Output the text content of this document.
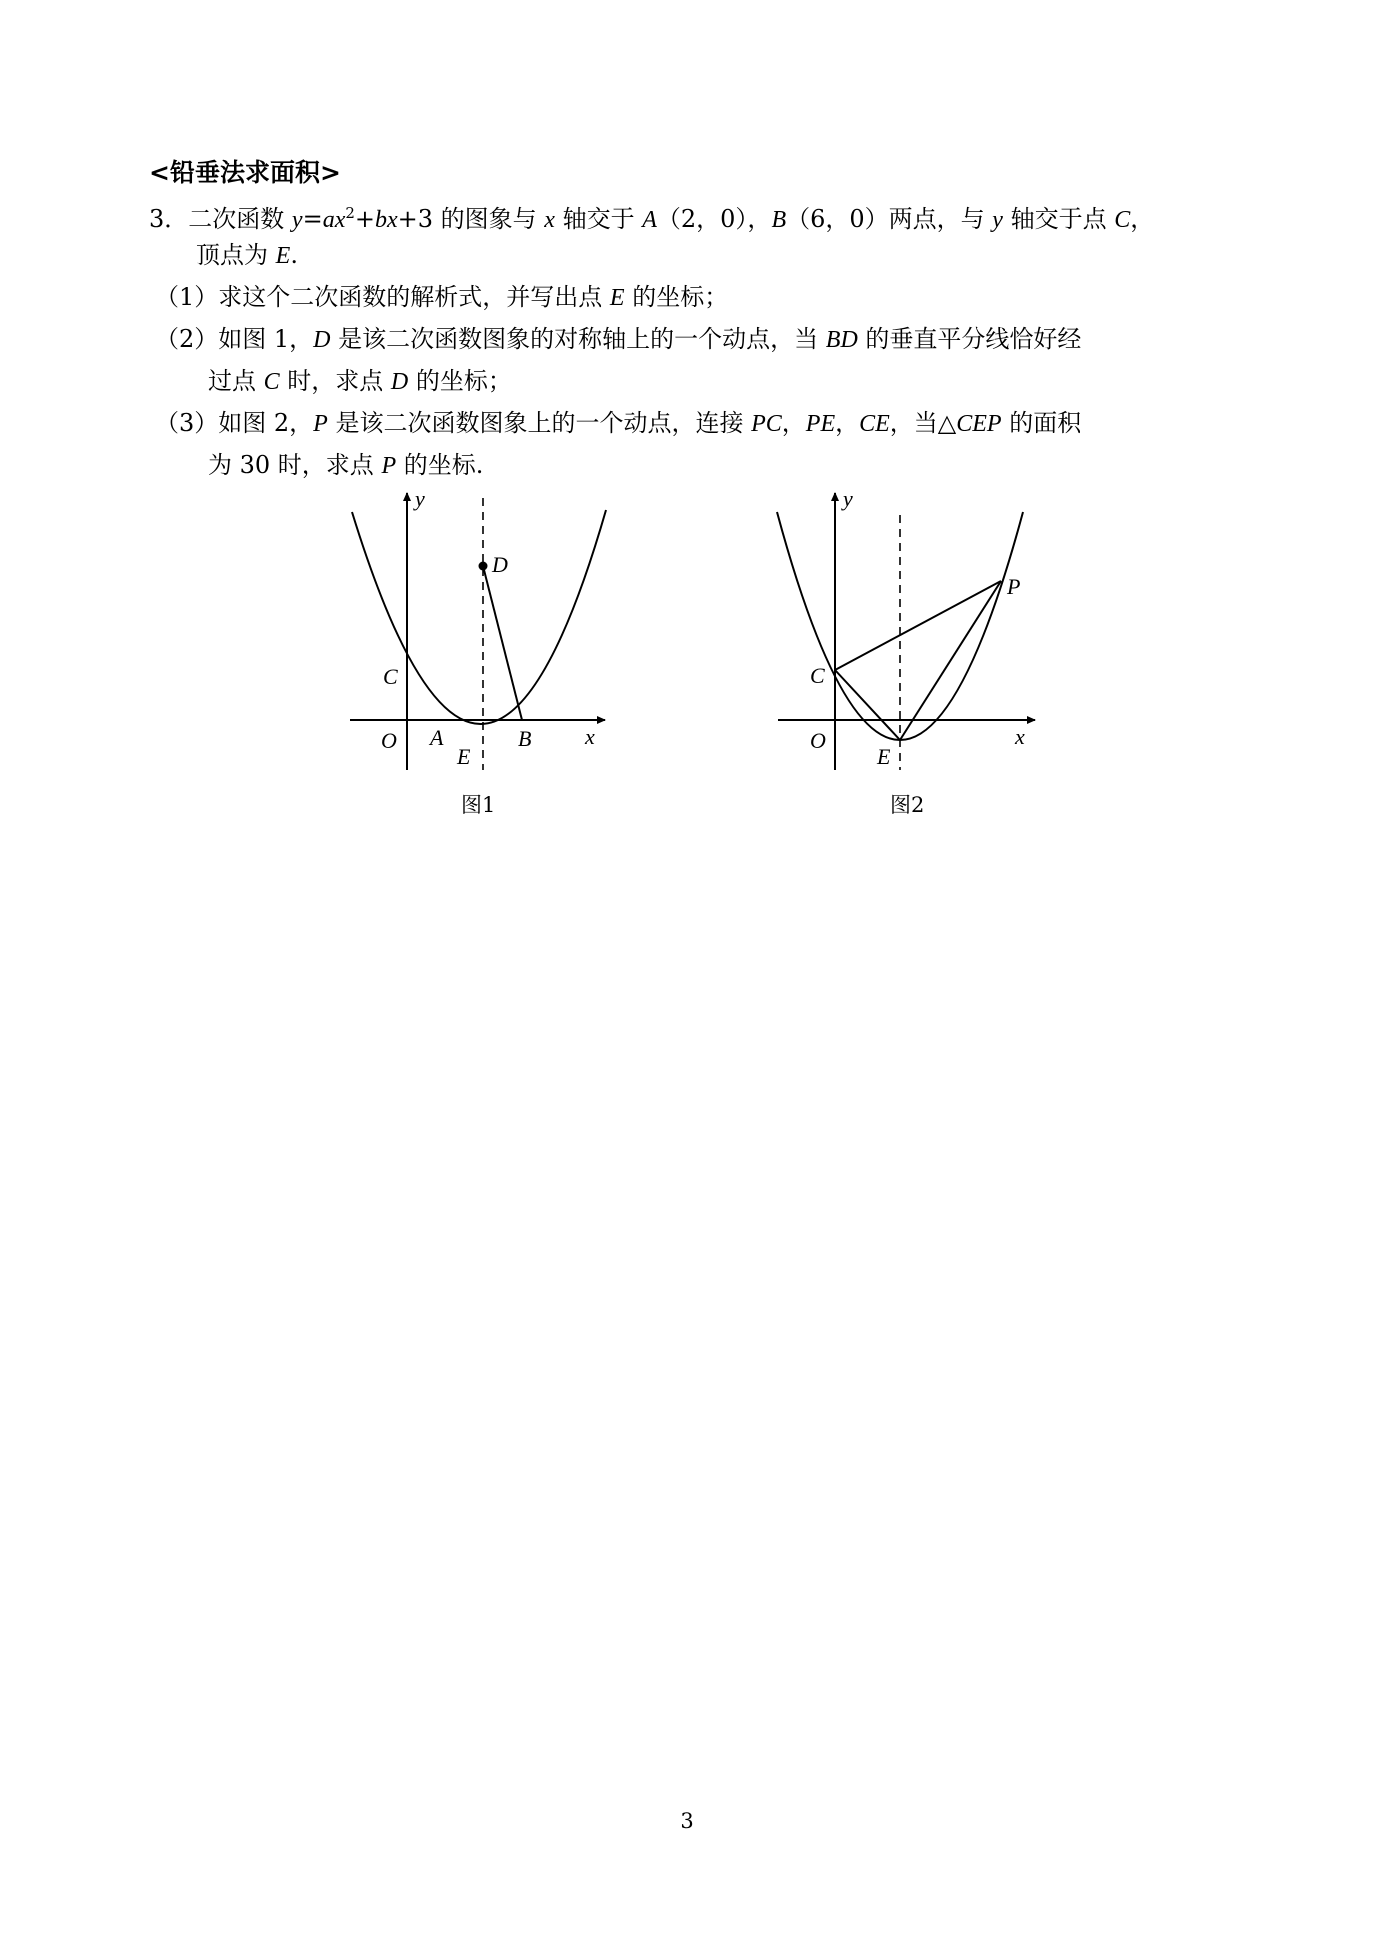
<铅垂法求面积>
3．二次函数 $y=ax^2+bx+3$ 的图象与 x 轴交于 A（2，0），B（6，0）两点，与 y 轴交于点 C，
顶点为 E.
（1）求这个二次函数的解析式，并写出点 E 的坐标；
（2）如图 1，D 是该二次函数图象的对称轴上的一个动点，当 BD 的垂直平分线恰好经
过点 C 时，求点 D 的坐标；
（3）如图 2，P 是该二次函数图象上的一个动点，连接 PC，PE，CE，当△CEP 的面积
为 30 时，求点 P 的坐标.
y
x
O A	B
C
D
E
图1
y
x
O
C
E
P
图2
3
